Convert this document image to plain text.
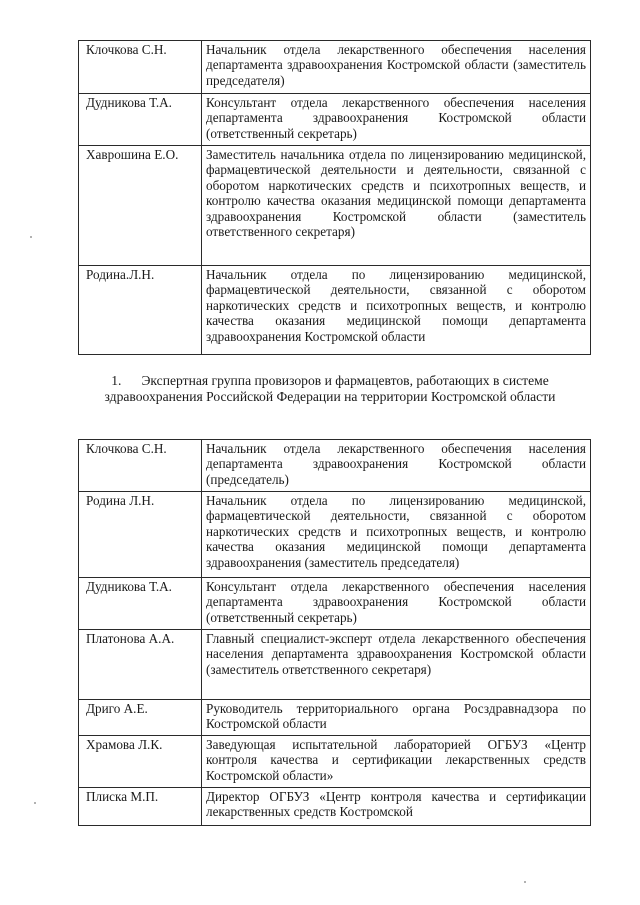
Клочкова С.Н.	Начальник отдела лекарственного обеспечения населения департамента здравоохранения Костромской области (заместитель председателя)
Дудникова Т.А.	Консультант отдела лекарственного обеспечения населения департамента здравоохранения Костромской области (ответственный секретарь)
Хаврошина Е.О.	Заместитель начальника отдела по лицензированию медицинской, фармацевтической деятельности и деятельности, связанной с оборотом наркотических средств и психотропных веществ, и контролю качества оказания медицинской помощи департамента здравоохранения Костромской области (заместитель ответственного секретаря)
Родина.Л.Н.	Начальник отдела по лицензированию медицинской, фармацевтической деятельности, связанной с оборотом наркотических средств и психотропных веществ, и контролю качества оказания медицинской помощи департамента здравоохранения Костромской области
1. Экспертная группа провизоров и фармацевтов, работающих в системе здравоохранения Российской Федерации на территории Костромской области
Клочкова С.Н.	Начальник отдела лекарственного обеспечения населения департамента здравоохранения Костромской области (председатель)
Родина Л.Н.	Начальник отдела по лицензированию медицинской, фармацевтической деятельности, связанной с оборотом наркотических средств и психотропных веществ, и контролю качества оказания медицинской помощи департамента здравоохранения (заместитель председателя)
Дудникова Т.А.	Консультант отдела лекарственного обеспечения населения департамента здравоохранения Костромской области (ответственный секретарь)
Платонова А.А.	Главный специалист-эксперт отдела лекарственного обеспечения населения департамента здравоохранения Костромской области (заместитель ответственного секретаря)
Дриго А.Е.	Руководитель территориального органа Росздравнадзора по Костромской области
Храмова Л.К.	Заведующая испытательной лабораторией ОГБУЗ «Центр контроля качества и сертификации лекарственных средств Костромской области»
Плиска М.П.	Директор ОГБУЗ «Центр контроля качества и сертификации лекарственных средств Костромской
